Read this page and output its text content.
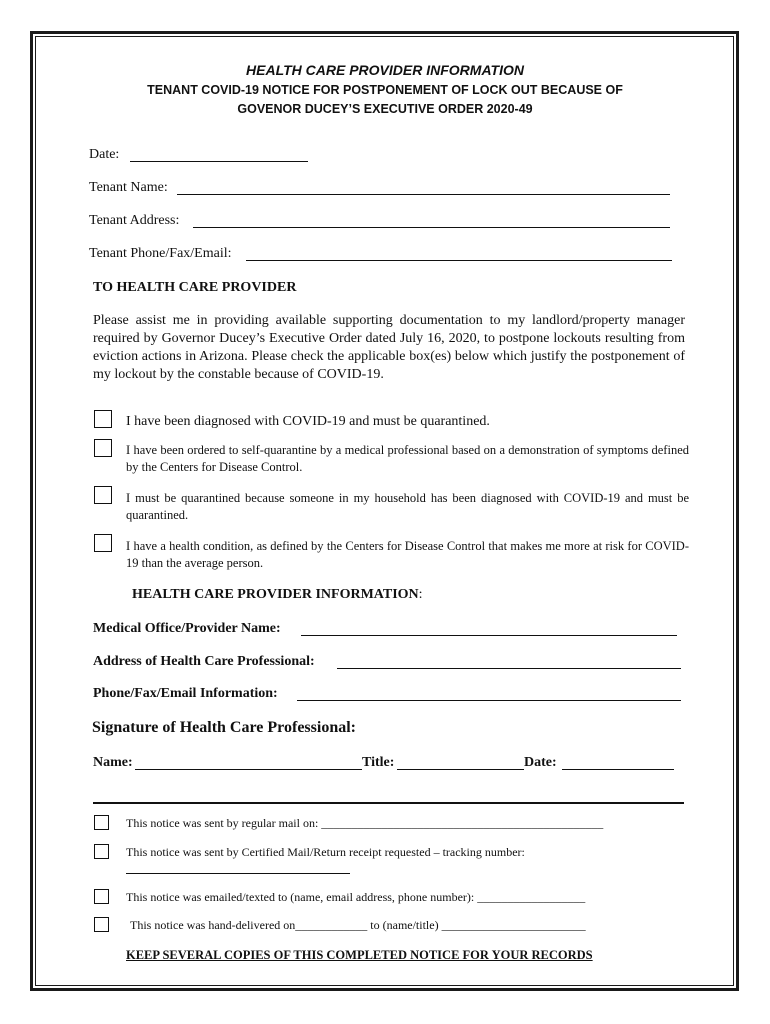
HEALTH CARE PROVIDER INFORMATION
TENANT COVID-19 NOTICE FOR POSTPONEMENT OF LOCK OUT BECAUSE OF
GOVENOR DUCEY’S EXECUTIVE ORDER 2020-49
Date:
Tenant Name:
Tenant Address:
Tenant Phone/Fax/Email:
TO HEALTH CARE PROVIDER
Please assist me in providing available supporting documentation to my landlord/property manager required by Governor Ducey’s Executive Order dated July 16, 2020, to postpone lockouts resulting from eviction actions in Arizona. Please check the applicable box(es) below which justify the postponement of my lockout by the constable because of COVID-19.
I have been diagnosed with COVID-19 and must be quarantined.
I have been ordered to self-quarantine by a medical professional based on a demonstration of symptoms defined by the Centers for Disease Control.
I must be quarantined because someone in my household has been diagnosed with COVID-19 and must be quarantined.
I have a health condition, as defined by the Centers for Disease Control that makes me more at risk for COVID-19 than the average person.
HEALTH CARE PROVIDER INFORMATION:
Medical Office/Provider Name:
Address of Health Care Professional:
Phone/Fax/Email Information:
Signature of Health Care Professional:
Name:	Title:	Date:
This notice was sent by regular mail on: _______________________________________________
This notice was sent by Certified Mail/Return receipt requested – tracking number:
This notice was emailed/texted to (name, email address, phone number): __________________
This notice was hand-delivered on____________ to (name/title) ________________________
KEEP SEVERAL COPIES OF THIS COMPLETED NOTICE FOR YOUR RECORDS
